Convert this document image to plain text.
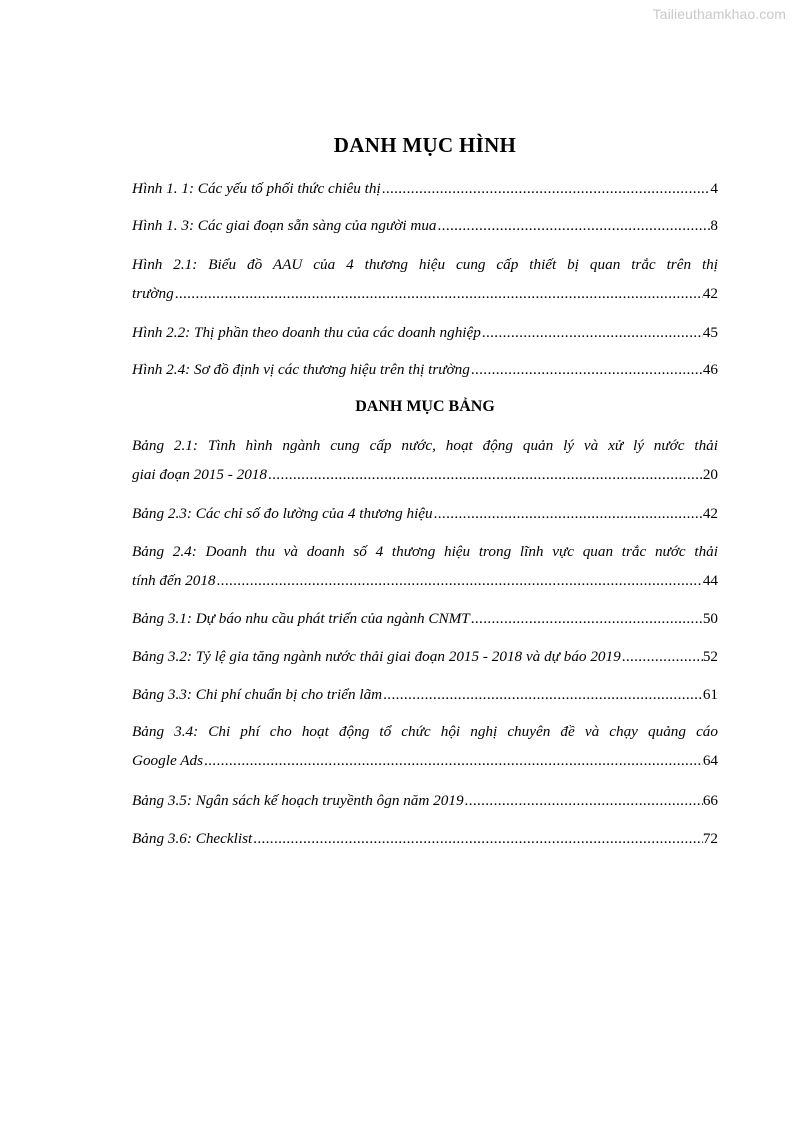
Tailieuthamkhao.com
DANH MỤC HÌNH
Hình 1. 1: Các yếu tố phối thức chiêu thị .....	4
Hình 1. 3: Các giai đoạn sẵn sàng của người mua .....	8
Hình 2.1: Biểu đồ AAU của 4 thương hiệu cung cấp thiết bị quan trắc trên thị
trường .....	42
Hình 2.2: Thị phần theo doanh thu của các doanh nghiệp .....	45
Hình 2.4: Sơ đồ định vị các thương hiệu trên thị trường .....	46
DANH MỤC BẢNG
Bảng 2.1: Tình hình ngành cung cấp nước, hoạt động quản lý và xử lý nước thải
giai đoạn 2015 - 2018 .....	20
Bảng 2.3: Các chỉ số đo lường của 4 thương hiệu .....	42
Bảng 2.4: Doanh thu và doanh số 4 thương hiệu trong lĩnh vực quan trắc nước thải
tính đến 2018 .....	44
Bảng 3.1: Dự báo nhu cầu phát triển của ngành CNMT .....	50
Bảng 3.2: Tỷ lệ gia tăng ngành nước thải giai đoạn 2015 - 2018 và dự báo 2019 .....	52
Bảng 3.3: Chi phí chuẩn bị cho triển lãm .....	61
Bảng 3.4: Chi phí cho hoạt động tổ chức hội nghị chuyên đề và chạy quảng cáo
Google Ads .....	64
Bảng 3.5: Ngân sách kế hoạch truyềnth ôgn năm 2019 .....	66
Bảng 3.6: Checklist .....	72
